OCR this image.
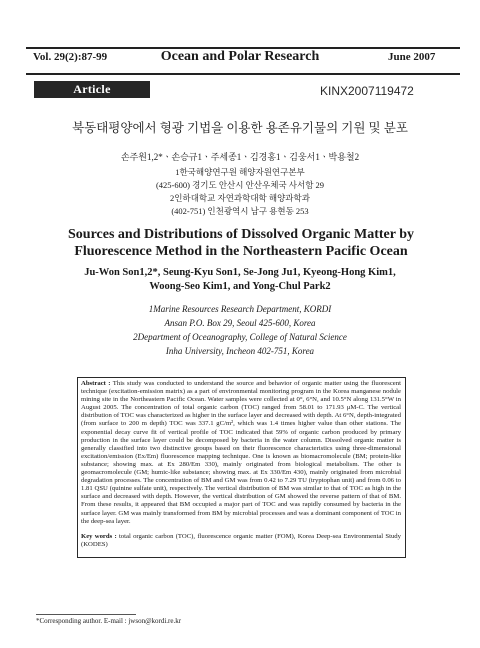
Vol. 29(2):87-99	Ocean and Polar Research	June 2007
Article	KINX2007119472
북동태평양에서 형광 기법을 이용한 용존유기물의 기원 및 분포
손주원1,2*ㆍ손승규1ㆍ주세종1ㆍ김경홍1ㆍ김웅서1ㆍ박용철2
1한국해양연구원 해양자원연구본부
(425-600) 경기도 안산시 안산우체국 사서함 29
2인하대학교 자연과학대학 해양과학과
(402-751) 인천광역시 남구 용현동 253
Sources and Distributions of Dissolved Organic Matter by Fluorescence Method in the Northeastern Pacific Ocean
Ju-Won Son1,2*, Seung-Kyu Son1, Se-Jong Ju1, Kyeong-Hong Kim1,
Woong-Seo Kim1, and Yong-Chul Park2
1Marine Resources Research Department, KORDI
Ansan P.O. Box 29, Seoul 425-600, Korea
2Department of Oceanography, College of Natural Science
Inha University, Incheon 402-751, Korea
Abstract : This study was conducted to understand the source and behavior of organic matter using the fluorescent technique (excitation-emission matrix) as a part of environmental monitoring program in the Korea manganese nodule mining site in the Northeastern Pacific Ocean. Water samples were collected at 0°, 6°N, and 10.5°N along 131.5°W in August 2005. The concentration of total organic carbon (TOC) ranged from 58.01 to 171.93 μM-C. The vertical distribution of TOC was characterized as higher in the surface layer and decreased with depth. At 6°N, depth-integrated (from surface to 200 m depth) TOC was 337.1 gC/m², which was 1.4 times higher value than other stations. The exponential decay curve fit of vertical profile of TOC indicated that 59% of organic carbon produced by primary production in the surface layer could be decomposed by bacteria in the water column. Dissolved organic matter is generally classified into two distinctive groups based on their fluorescence characteristics using three-dimensional excitation/emission (Ex/Em) fluorescence mapping technique. One is known as biomacromolecule (BM; protein-like substance; showing max. at Ex 280/Em 330), mainly originated from biological metabolism. The other is geomacromolecule (GM; humic-like substance; showing max. at Ex 330/Em 430), mainly originated from microbial degradation processes. The concentration of BM and GM was from 0.42 to 7.29 TU (tryptophan unit) and from 0.06 to 1.81 QSU (quinine sulfate unit), respectively. The vertical distribution of BM was similar to that of TOC as high in the surface and decreased with depth. However, the vertical distribution of GM showed the reverse pattern of that of BM. From these results, it appeared that BM occupied a major part of TOC and was rapidly consumed by bacteria in the surface layer. GM was mainly transformed from BM by microbial processes and was a dominant component of TOC in the deep-sea layer.
Key words : total organic carbon (TOC), fluorescence organic matter (FOM), Korea Deep-sea Environmental Study (KODES)
*Corresponding author. E-mail : jwson@kordi.re.kr
